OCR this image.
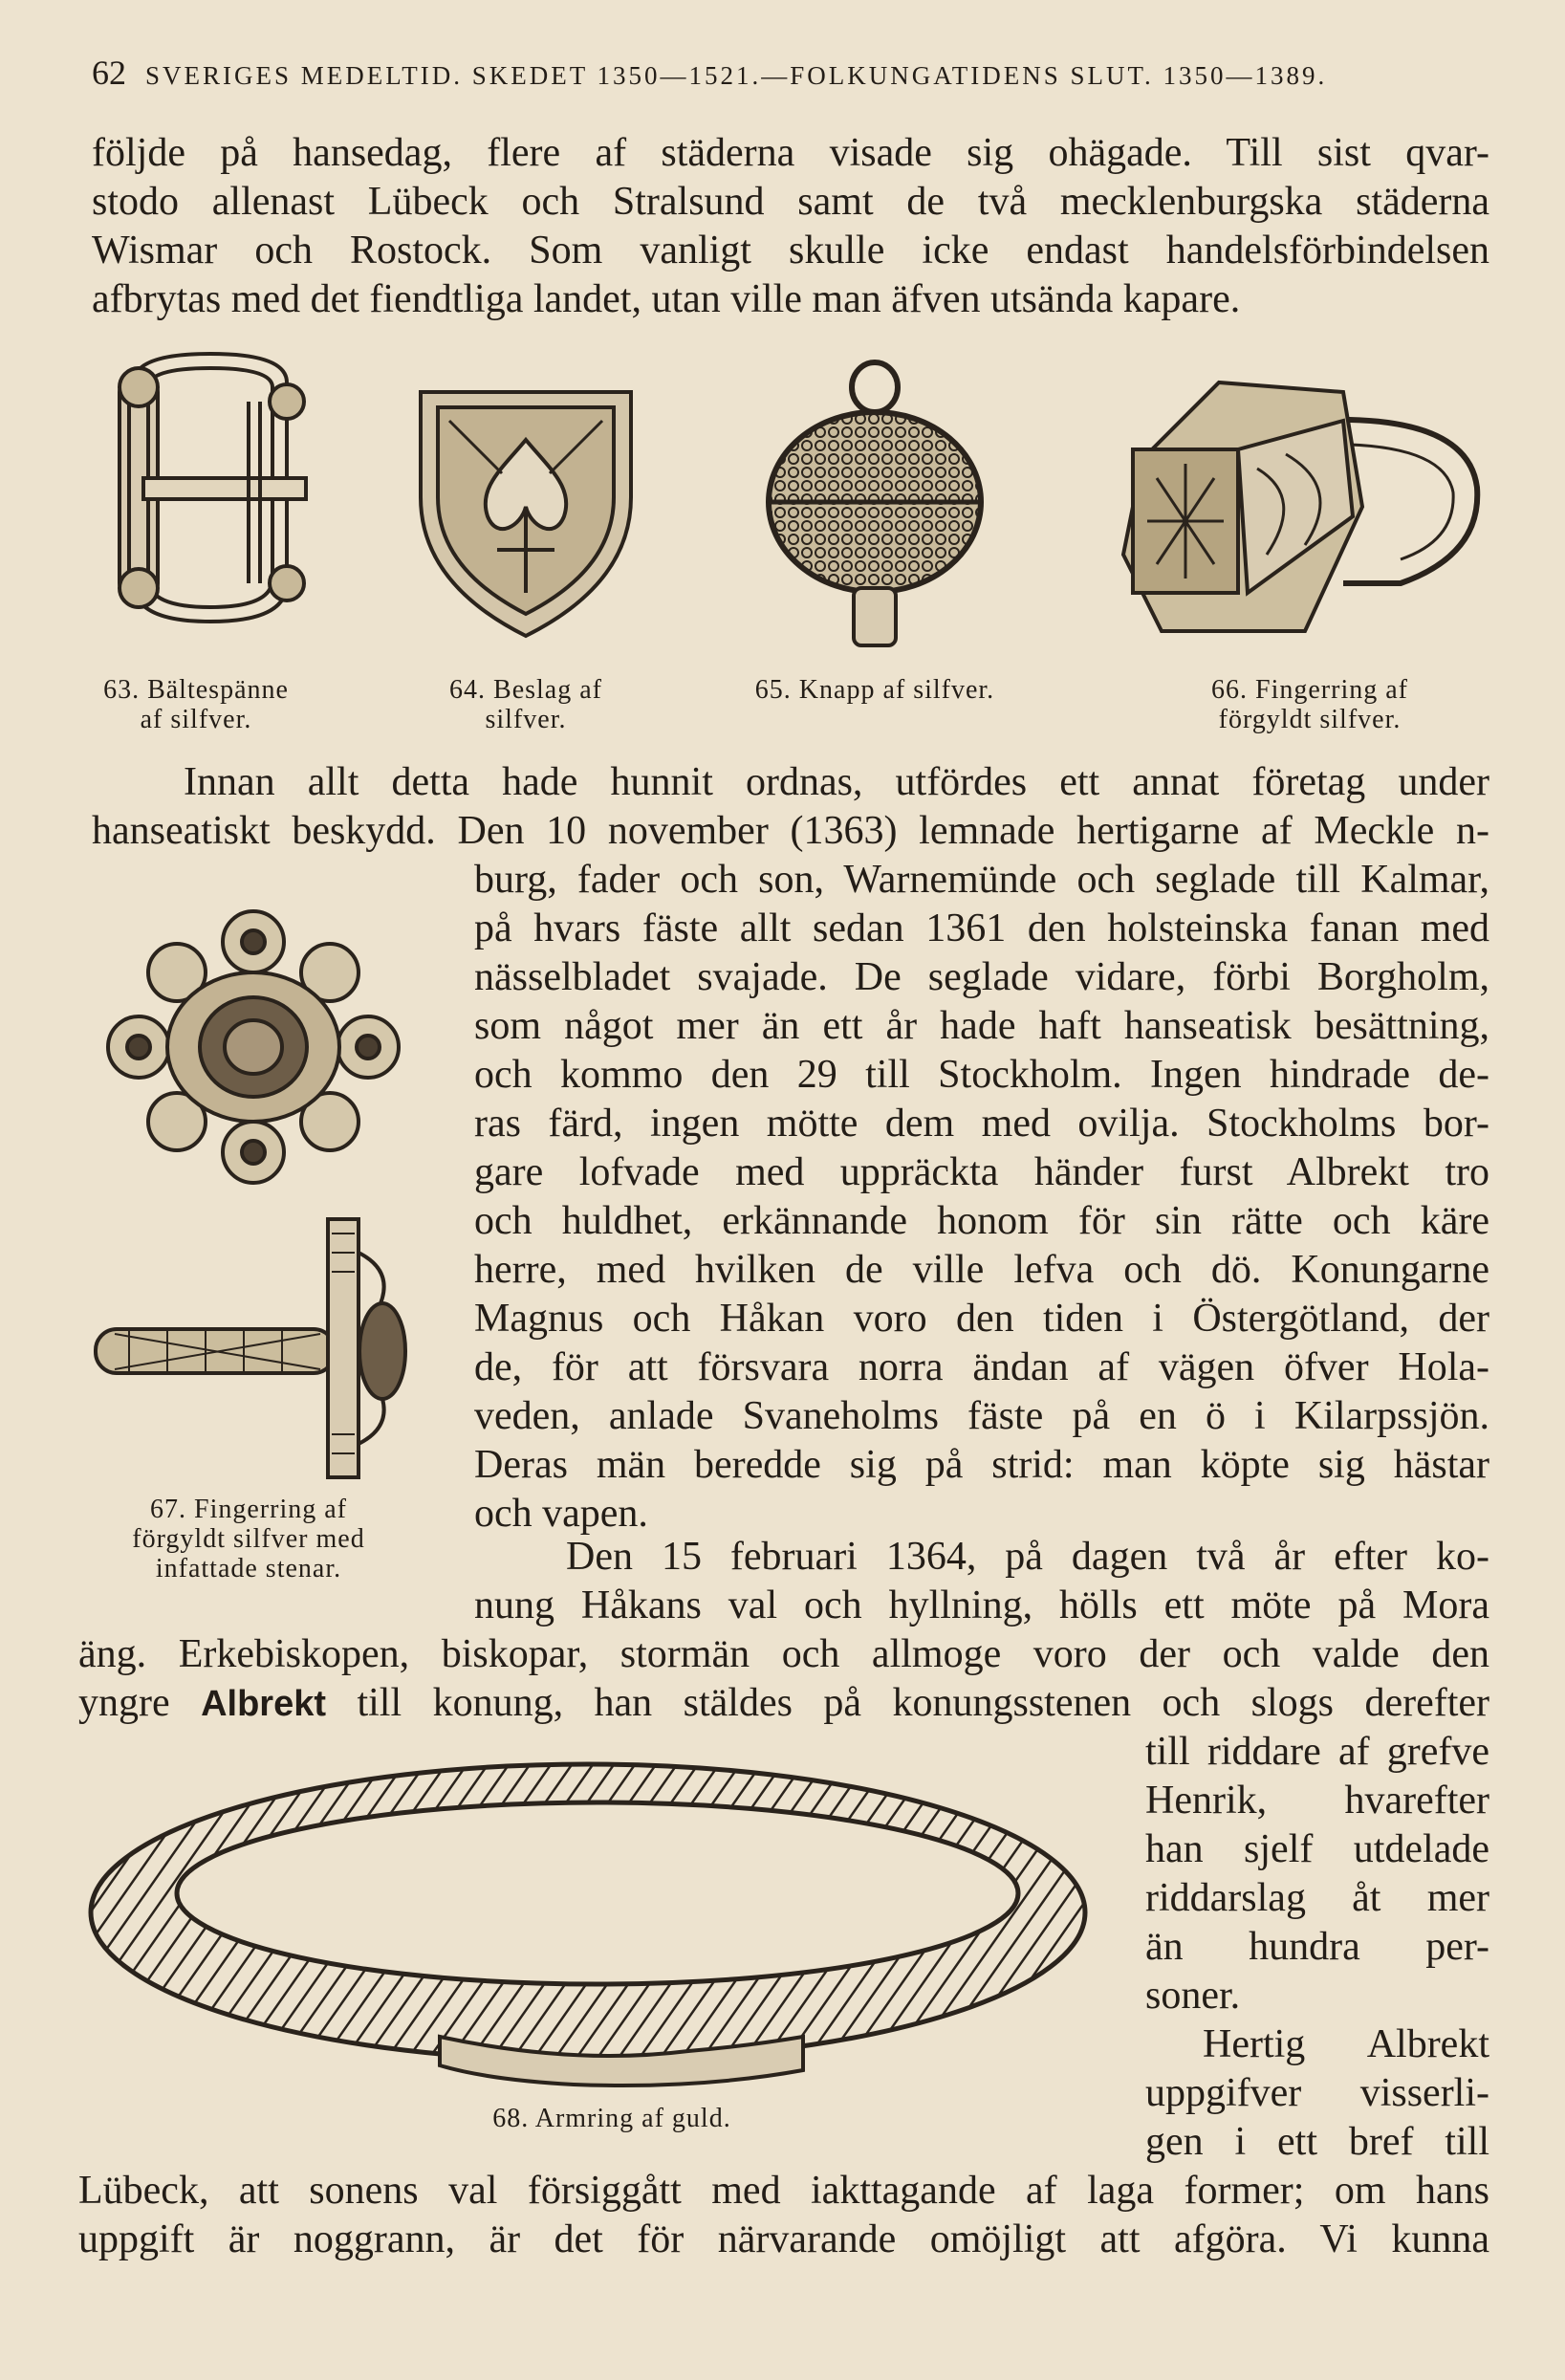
62 SVERIGES MEDELTID. SKEDET 1350—1521.—FOLKUNGATIDENS SLUT. 1350—1389.
följde på hansedag, flere af städerna visade sig ohägade. Till sist qvar-
stodo allenast Lübeck och Stralsund samt de två mecklenburgska städerna
Wismar och Rostock. Som vanligt skulle icke endast handelsförbindelsen
afbrytas med det fiendtliga landet, utan ville man äfven utsända kapare.
63. Bältespänne
af silfver.
64. Beslag af
silfver.
65. Knapp af silfver.	66. Fingerring af
förgyldt silfver.
Innan allt detta hade hunnit ordnas, utfördes ett annat företag under
hanseatiskt beskydd. Den 10 november (1363) lemnade hertigarne af Meckle n-
burg, fader och son, Warnemünde och seglade till Kalmar,
på hvars fäste allt sedan 1361 den holsteinska fanan med
nässelbladet svajade. De seglade vidare, förbi Borgholm,
som något mer än ett år hade haft hanseatisk besättning,
och kommo den 29 till Stockholm. Ingen hindrade de-
ras färd, ingen mötte dem med ovilja. Stockholms bor-
gare lofvade med uppräckta händer furst Albrekt tro
och huldhet, erkännande honom för sin rätte och käre
herre, med hvilken de ville lefva och dö. Konungarne
Magnus och Håkan voro den tiden i Östergötland, der
de, för att försvara norra ändan af vägen öfver Hola-
veden, anlade Svaneholms fäste på en ö i Kilarpssjön.
Deras män beredde sig på strid: man köpte sig hästar
och vapen.
67. Fingerring af
förgyldt silfver med
infattade stenar.	Den 15 februari 1364, på dagen två år efter ko-
nung Håkans val och hyllning, hölls ett möte på Mora
äng. Erkebiskopen, biskopar, stormän och allmoge voro der och valde den
yngre Albrekt till konung, han stäldes på konungsstenen och slogs derefter
till riddare af grefve
Henrik, hvarefter
han sjelf utdelade
riddarslag åt mer
än hundra per-
soner.
Hertig Albrekt
uppgifver visserli-
gen i ett bref till
68. Armring af guld.
Lübeck, att sonens val försiggått med iakttagande af laga former; om hans
uppgift är noggrann, är det för närvarande omöjligt att afgöra. Vi kunna
